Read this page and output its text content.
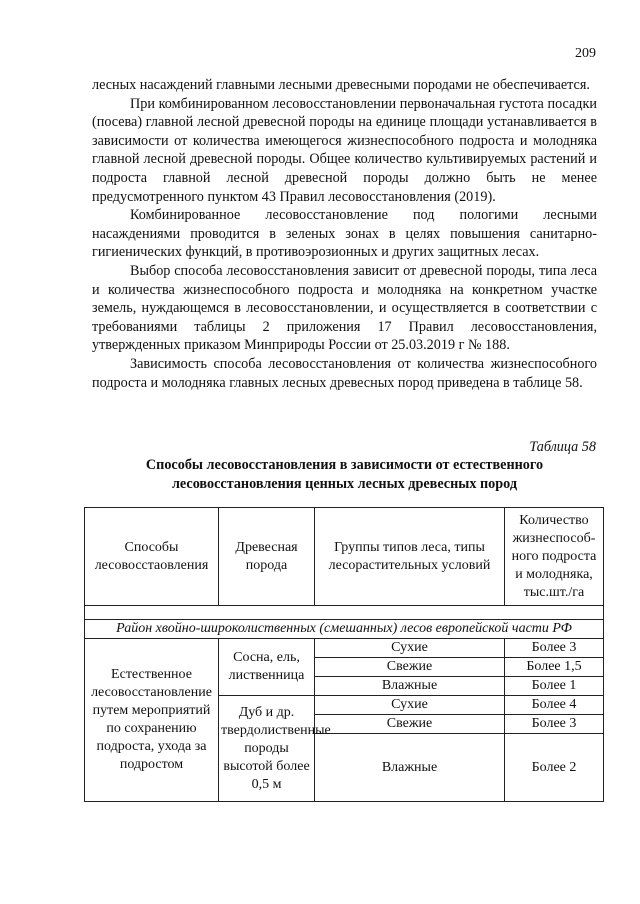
209

лесных насаждений главными лесными древесными породами не обеспечивается.

При комбинированном лесовосстановлении первоначальная густота посадки (посева) главной лесной древесной породы на единице площади устанавливается в зависимости от количества имеющегося жизнеспособного подроста и молодняка главной лесной древесной породы. Общее количество культивируемых растений и подроста главной лесной древесной породы должно быть не менее предусмотренного пунктом 43 Правил лесовосстановления (2019).

Комбинированное лесовосстановление под пологими лесными насаждениями проводится в зеленых зонах в целях повышения санитарно-гигиенических функций, в противоэрозионных и других защитных лесах.

Выбор способа лесовосстановления зависит от древесной породы, типа леса и количества жизнеспособного подроста и молодняка на конкретном участке земель, нуждающемся в лесовосстановлении, и осуществляется в соответствии с требованиями таблицы 2 приложения 17 Правил лесовосстановления, утвержденных приказом Минприроды России от 25.03.2019 г № 188.

Зависимость способа лесовосстановления от количества жизнеспособного подроста и молодняка главных лесных древесных пород приведена в таблице 58.

Таблица 58
Способы лесовосстановления в зависимости от естественного
лесовосстановления ценных лесных древесных пород
Способы лесовосстаовления	Древесная порода	Группы типов леса, типы лесорастительных условий	Количество жизнеспособ-ного подроста и молодняка, тыс.шт./га

Район хвойно-широколиственных (смешанных) лесов европейской части РФ			
Естественное лесовосстановление путем мероприятий по сохранению подроста, ухода за подростом	Сосна, ель, лиственница	Сухие	Более 3
		Свежие	Более 1,5
		Влажные	Более 1
	Дуб и др. твердолиственные породы высотой более 0,5 м	Сухие	Более 4
		Свежие	Более 3
		Влажные	Более 2
